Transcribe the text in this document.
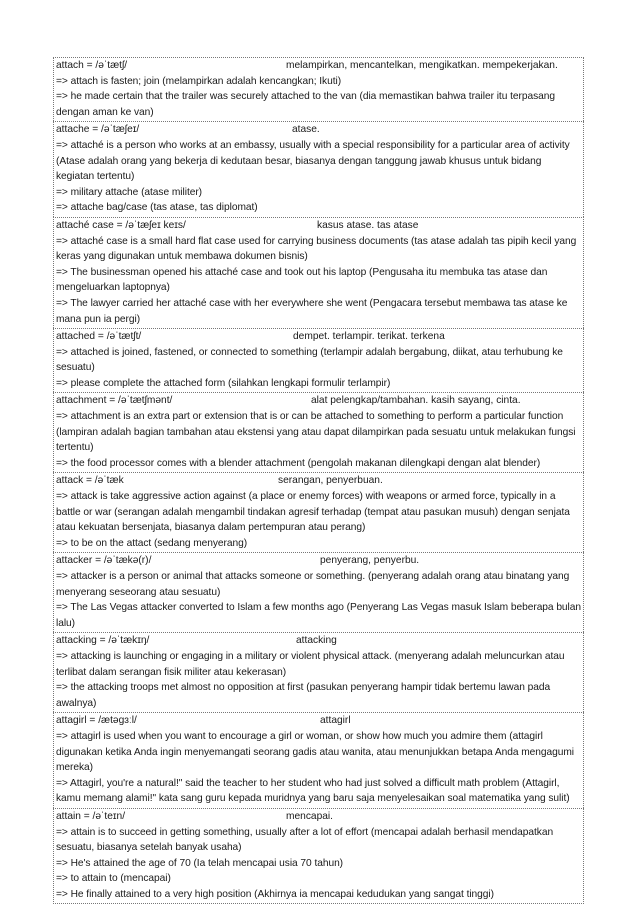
attach = /əˈtætʃ/	melampirkan, mencantelkan, mengikatkan. mempekerjakan.
=> attach is fasten; join (melampirkan adalah kencangkan; Ikuti)
=> he made certain that the trailer was securely attached to the van (dia memastikan bahwa trailer itu terpasang dengan aman ke van)
attache = /əˈtæʃeɪ/	atase.
=> attaché is a person who works at an embassy, usually with a special responsibility for a particular area of activity (Atase adalah orang yang bekerja di kedutaan besar, biasanya dengan tanggung jawab khusus untuk bidang kegiatan tertentu)
=> military attache (atase militer)
=> attache bag/case (tas atase, tas diplomat)
attaché case = /əˈtæʃeɪ keɪs/	kasus atase. tas atase
=> attaché case is a small hard flat case used for carrying business documents (tas atase adalah tas pipih kecil yang keras yang digunakan untuk membawa dokumen bisnis)
=> The businessman opened his attaché case and took out his laptop (Pengusaha itu membuka tas atase dan mengeluarkan laptopnya)
=> The lawyer carried her attaché case with her everywhere she went (Pengacara tersebut membawa tas atase ke mana pun ia pergi)
attached = /əˈtætʃt/	dempet. terlampir. terikat. terkena
=> attached is joined, fastened, or connected to something (terlampir adalah bergabung, diikat, atau terhubung ke sesuatu)
=> please complete the attached form (silahkan lengkapi formulir terlampir)
attachment = /əˈtætʃmənt/	alat pelengkap/tambahan. kasih sayang, cinta.
=> attachment is an extra part or extension that is or can be attached to something to perform a particular function (lampiran adalah bagian tambahan atau ekstensi yang atau dapat dilampirkan pada sesuatu untuk melakukan fungsi tertentu)
=> the food processor comes with a blender attachment (pengolah makanan dilengkapi dengan alat blender)
attack = /əˈtæk	serangan, penyerbuan.
=> attack is take aggressive action against (a place or enemy forces) with weapons or armed force, typically in a battle or war (serangan adalah mengambil tindakan agresif terhadap (tempat atau pasukan musuh) dengan senjata atau kekuatan bersenjata, biasanya dalam pertempuran atau perang)
=> to be on the attact (sedang menyerang)
attacker = /əˈtækə(r)/	penyerang, penyerbu.
=> attacker is a person or animal that attacks someone or something. (penyerang adalah orang atau binatang yang menyerang seseorang atau sesuatu)
=> The Las Vegas attacker converted to Islam a few months ago (Penyerang Las Vegas masuk Islam beberapa bulan lalu)
attacking = /əˈtækɪŋ/	attacking
=> attacking is launching or engaging in a military or violent physical attack. (menyerang adalah meluncurkan atau terlibat dalam serangan fisik militer atau kekerasan)
=> the attacking troops met almost no opposition at first (pasukan penyerang hampir tidak bertemu lawan pada awalnya)
attagirl = /ætəgɜːl/	attagirl
=> attagirl is used when you want to encourage a girl or woman, or show how much you admire them (attagirl digunakan ketika Anda ingin menyemangati seorang gadis atau wanita, atau menunjukkan betapa Anda mengagumi mereka)
=> Attagirl, you're a natural!" said the teacher to her student who had just solved a difficult math problem (Attagirl, kamu memang alami!" kata sang guru kepada muridnya yang baru saja menyelesaikan soal matematika yang sulit)
attain = /əˈteɪn/	mencapai.
=> attain is to succeed in getting something, usually after a lot of effort (mencapai adalah berhasil mendapatkan sesuatu, biasanya setelah banyak usaha)
=> He's attained the age of 70 (Ia telah mencapai usia 70 tahun)
=> to attain to (mencapai)
=> He finally attained to a very high position (Akhirnya ia mencapai kedudukan yang sangat tinggi)
